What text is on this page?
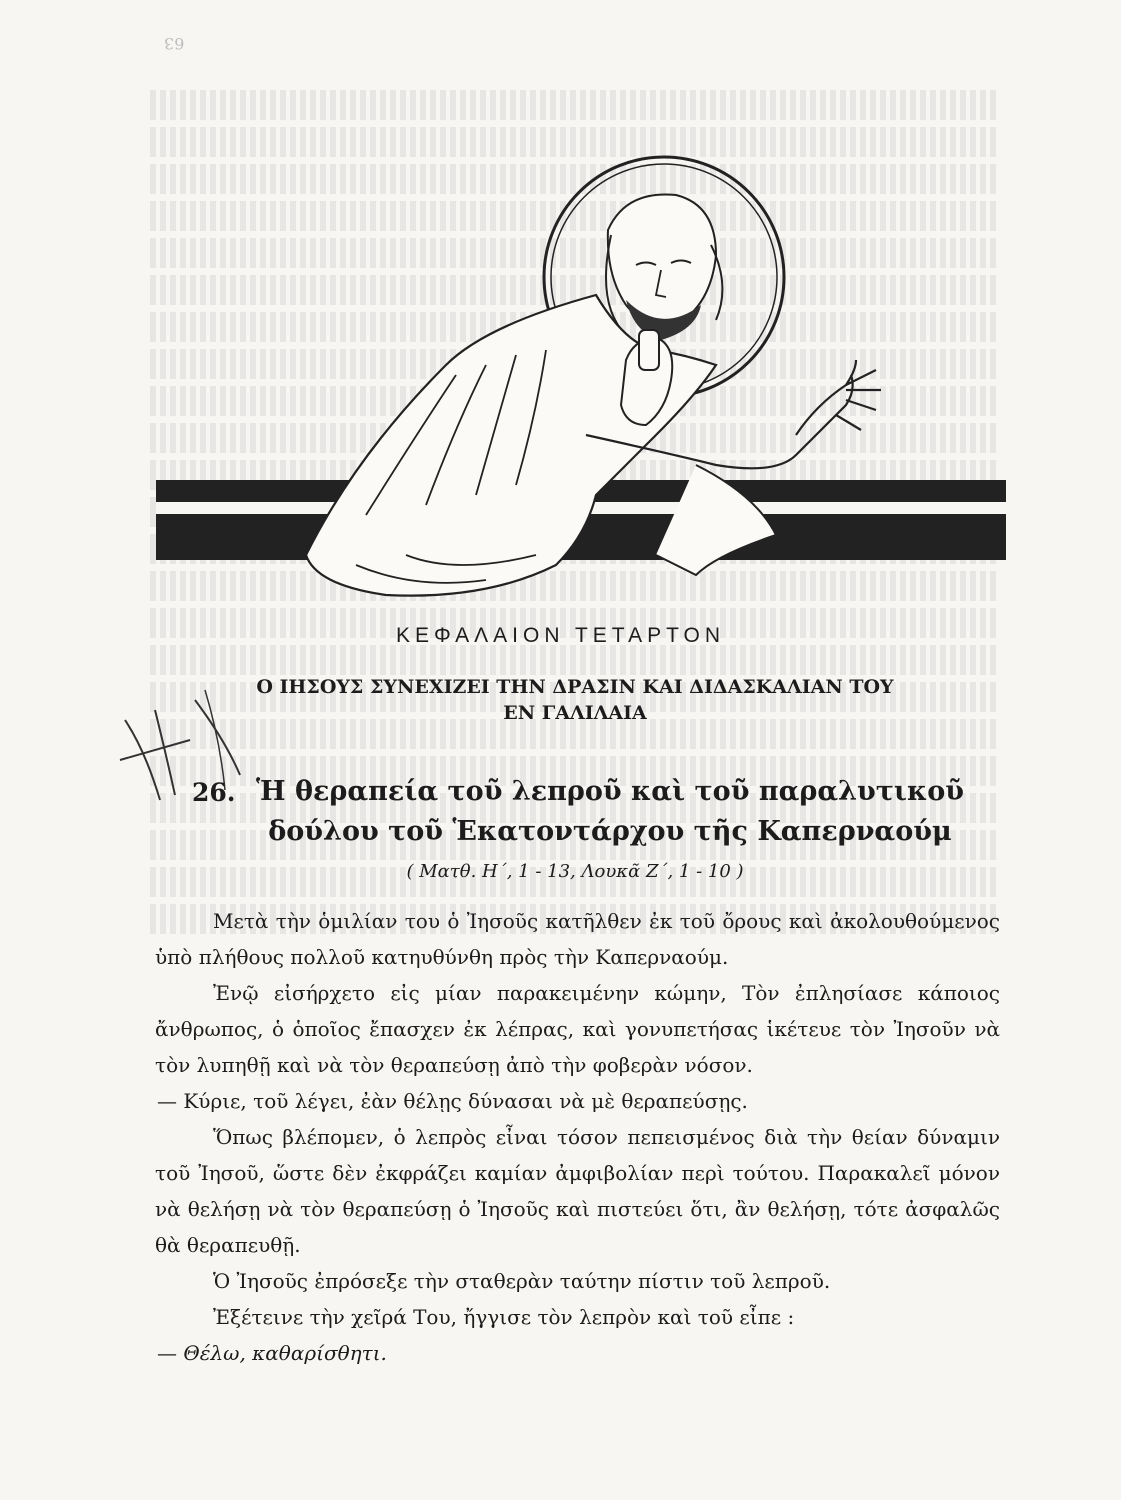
63
ΚΕΦΑΛΑΙΟΝ ΤΕΤΑΡΤΟΝ
Ο ΙΗΣΟΥΣ ΣΥΝΕΧΙΖΕΙ ΤΗΝ ΔΡΑΣΙΝ ΚΑΙ ΔΙΔΑΣΚΑΛΙΑΝ ΤΟΥ
ΕΝ ΓΑΛΙΛΑΙΑ
26. Ἡ θεραπεία τοῦ λεπροῦ καὶ τοῦ παραλυτικοῦ
δούλου τοῦ Ἑκατοντάρχου τῆς Καπερναούμ
( Ματθ. Η΄, 1 - 13, Λουκᾶ Ζ΄, 1 - 10 )
Μετὰ τὴν ὁμιλίαν του ὁ Ἰησοῦς κατῆλθεν ἐκ τοῦ ὄρους καὶ ἀκολουθούμενος ὑπὸ πλήθους πολλοῦ κατηυθύνθη πρὸς τὴν Καπερναούμ.
Ἐνῷ εἰσήρχετο εἰς μίαν παρακειμένην κώμην, Τὸν ἐπλησίασε κάποιος ἄνθρωπος, ὁ ὁποῖος ἔπασχεν ἐκ λέπρας, καὶ γονυπετήσας ἱκέτευε τὸν Ἰησοῦν νὰ τὸν λυπηθῇ καὶ νὰ τὸν θεραπεύσῃ ἀπὸ τὴν φοβερὰν νόσον.
— Κύριε, τοῦ λέγει, ἐὰν θέλῃς δύνασαι νὰ μὲ θεραπεύσῃς.
Ὅπως βλέπομεν, ὁ λεπρὸς εἶναι τόσον πεπεισμένος διὰ τὴν θείαν δύναμιν τοῦ Ἰησοῦ, ὥστε δὲν ἐκφράζει καμίαν ἀμφιβολίαν περὶ τούτου. Παρακαλεῖ μόνον νὰ θελήσῃ νὰ τὸν θεραπεύσῃ ὁ Ἰησοῦς καὶ πιστεύει ὅτι, ἂν θελήσῃ, τότε ἀσφαλῶς θὰ θεραπευθῇ.
Ὁ Ἰησοῦς ἐπρόσεξε τὴν σταθερὰν ταύτην πίστιν τοῦ λεπροῦ.
Ἐξέτεινε τὴν χεῖρά Του, ἤγγισε τὸν λεπρὸν καὶ τοῦ εἶπε :
— Θέλω, καθαρίσθητι.
